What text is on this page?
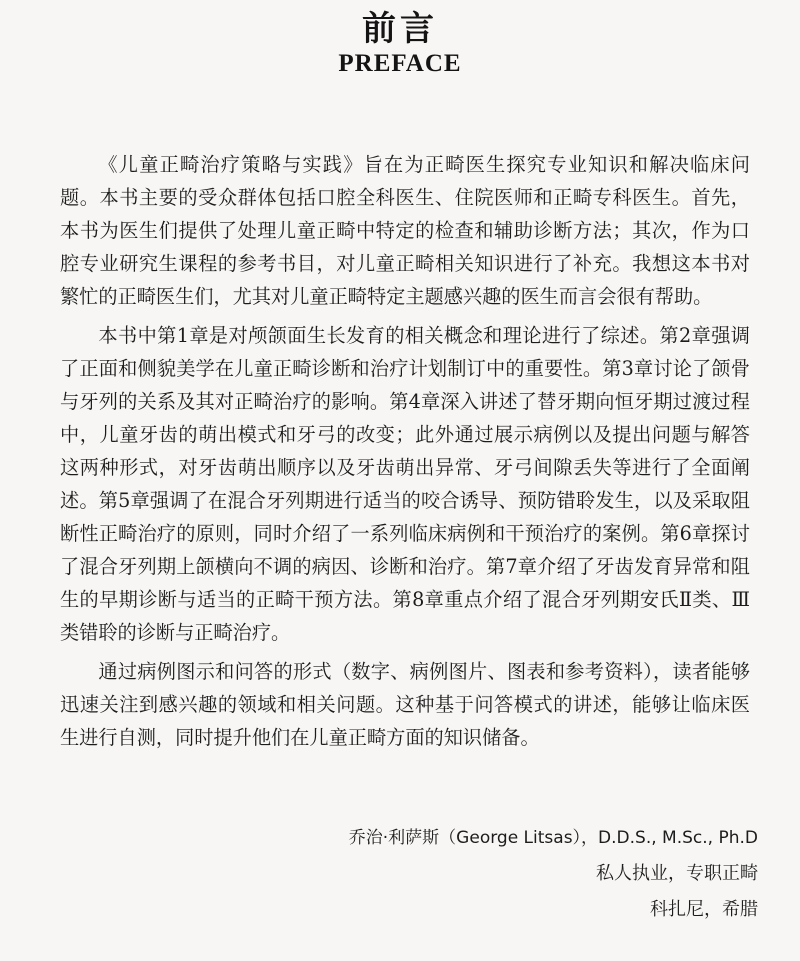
前言
PREFACE

《儿童正畸治疗策略与实践》旨在为正畸医生探究专业知识和解决临床问题。本书主要的受众群体包括口腔全科医生、住院医师和正畸专科医生。首先，本书为医生们提供了处理儿童正畸中特定的检查和辅助诊断方法；其次，作为口腔专业研究生课程的参考书目，对儿童正畸相关知识进行了补充。我想这本书对繁忙的正畸医生们，尤其对儿童正畸特定主题感兴趣的医生而言会很有帮助。

本书中第1章是对颅颌面生长发育的相关概念和理论进行了综述。第2章强调了正面和侧貌美学在儿童正畸诊断和治疗计划制订中的重要性。第3章讨论了颌骨与牙列的关系及其对正畸治疗的影响。第4章深入讲述了替牙期向恒牙期过渡过程中，儿童牙齿的萌出模式和牙弓的改变；此外通过展示病例以及提出问题与解答这两种形式，对牙齿萌出顺序以及牙齿萌出异常、牙弓间隙丢失等进行了全面阐述。第5章强调了在混合牙列期进行适当的咬合诱导、预防错聆发生，以及采取阻断性正畸治疗的原则，同时介绍了一系列临床病例和干预治疗的案例。第6章探讨了混合牙列期上颌横向不调的病因、诊断和治疗。第7章介绍了牙齿发育异常和阻生的早期诊断与适当的正畸干预方法。第8章重点介绍了混合牙列期安氏Ⅱ类、Ⅲ类错聆的诊断与正畸治疗。

通过病例图示和问答的形式（数字、病例图片、图表和参考资料），读者能够迅速关注到感兴趣的领域和相关问题。这种基于问答模式的讲述，能够让临床医生进行自测，同时提升他们在儿童正畸方面的知识储备。

乔治·利萨斯（George Litsas），D.D.S., M.Sc., Ph.D
私人执业，专职正畸
科扎尼，希腊
